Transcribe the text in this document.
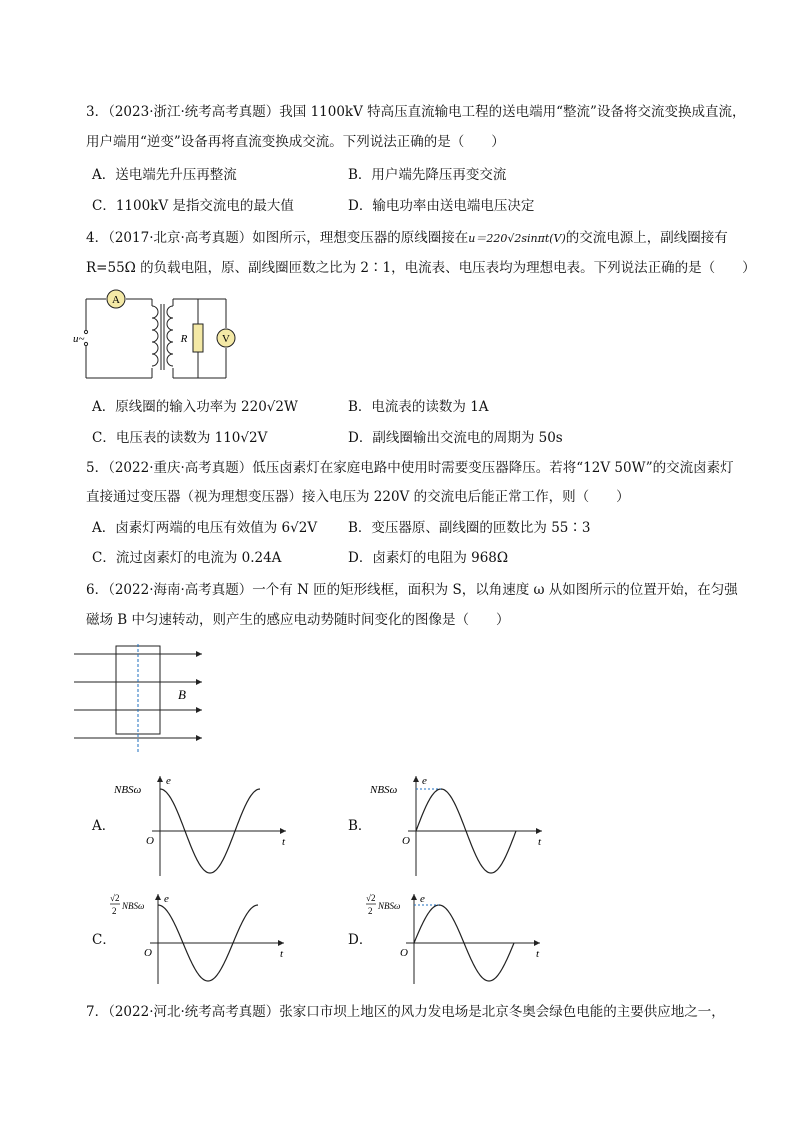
3．（2023·浙江·统考高考真题）我国 1100kV 特高压直流输电工程的送电端用“整流”设备将交流变换成直流，
用户端用“逆变”设备再将直流变换成交流。下列说法正确的是（　　）
A．送电端先升压再整流	B．用户端先降压再变交流
C．1100kV 是指交流电的最大值	D．输电功率由送电端电压决定
4．（2017·北京·高考真题）如图所示，理想变压器的原线圈接在u＝220√2sinπt(V)的交流电源上，副线圈接有
R=55Ω 的负载电阻，原、副线圈匝数之比为 2∶1，电流表、电压表均为理想电表。下列说法正确的是（　　）
A
R	V
u~
A．原线圈的输入功率为 220√2W	B．电流表的读数为 1A
C．电压表的读数为 110√2V	D．副线圈输出交流电的周期为 50s
5．（2022·重庆·高考真题）低压卤素灯在家庭电路中使用时需要变压器降压。若将“12V 50W”的交流卤素灯
直接通过变压器（视为理想变压器）接入电压为 220V 的交流电后能正常工作，则（　　）
A．卤素灯两端的电压有效值为 6√2V B．变压器原、副线圈的匝数比为 55∶3
C．流过卤素灯的电流为 0.24A	D．卤素灯的电阻为 968Ω
6．（2022·海南·高考真题）一个有 N 匝的矩形线框，面积为 S，以角速度 ω 从如图所示的位置开始，在匀强
磁场 B 中匀速转动，则产生的感应电动势随时间变化的图像是（　　）
B
A．
e
t
O
NBSω
B．
e
t
O
NBSω
C．
e
t
O
√2
2 NBSω
D．
e
t
O
√2
2 NBSω
7．（2022·河北·统考高考真题）张家口市坝上地区的风力发电场是北京冬奥会绿色电能的主要供应地之一，
